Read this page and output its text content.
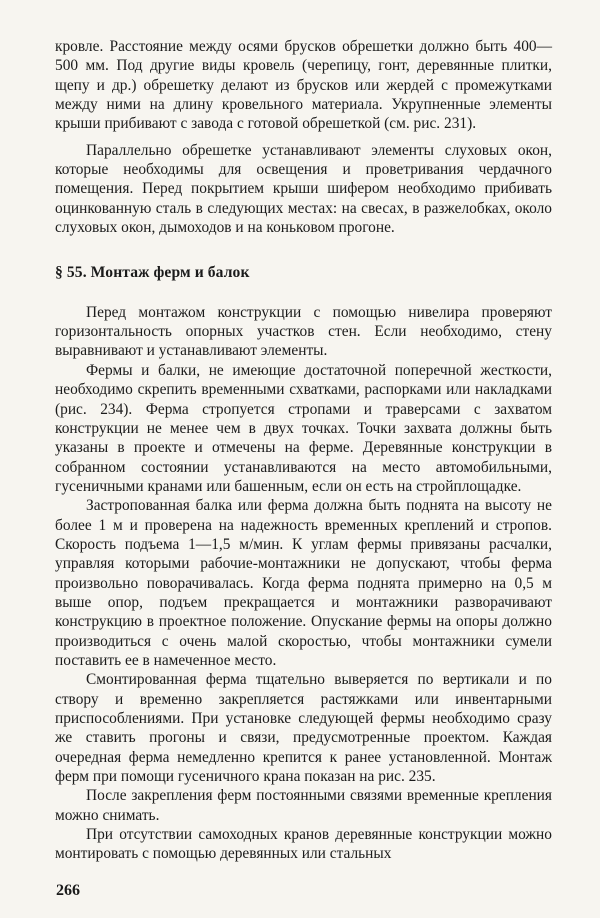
кровле. Расстояние между осями брусков обрешетки должно быть 400—500 мм. Под другие виды кровель (черепицу, гонт, деревянные плитки, щепу и др.) обрешетку делают из брусков или жердей с промежутками между ними на длину кровельного материала. Укрупненные элементы крыши прибивают с завода с готовой обрешеткой (см. рис. 231).

Параллельно обрешетке устанавливают элементы слуховых окон, которые необходимы для освещения и проветривания чердачного помещения. Перед покрытием крыши шифером необходимо прибивать оцинкованную сталь в следующих местах: на свесах, в разжелобках, около слуховых окон, дымоходов и на коньковом прогоне.

§ 55. Монтаж ферм и балок

Перед монтажом конструкции с помощью нивелира проверяют горизонтальность опорных участков стен. Если необходимо, стену выравнивают и устанавливают элементы.

Фермы и балки, не имеющие достаточной поперечной жесткости, необходимо скрепить временными схватками, распорками или накладками (рис. 234). Ферма стропуется стропами и траверсами с захватом конструкции не менее чем в двух точках. Точки захвата должны быть указаны в проекте и отмечены на ферме. Деревянные конструкции в собранном состоянии устанавливаются на место автомобильными, гусеничными кранами или башенным, если он есть на стройплощадке.

Застропованная балка или ферма должна быть поднята на высоту не более 1 м и проверена на надежность временных креплений и стропов. Скорость подъема 1—1,5 м/мин. К углам фермы привязаны расчалки, управляя которыми рабочие-монтажники не допускают, чтобы ферма произвольно поворачивалась. Когда ферма поднята примерно на 0,5 м выше опор, подъем прекращается и монтажники разворачивают конструкцию в проектное положение. Опускание фермы на опоры должно производиться с очень малой скоростью, чтобы монтажники сумели поставить ее в намеченное место.

Смонтированная ферма тщательно выверяется по вертикали и по створу и временно закрепляется растяжками или инвентарными приспособлениями. При установке следующей фермы необходимо сразу же ставить прогоны и связи, предусмотренные проектом. Каждая очередная ферма немедленно крепится к ранее установленной. Монтаж ферм при помощи гусеничного крана показан на рис. 235.

После закрепления ферм постоянными связями временные крепления можно снимать.

При отсутствии самоходных кранов деревянные конструкции можно монтировать с помощью деревянных или стальных

266
